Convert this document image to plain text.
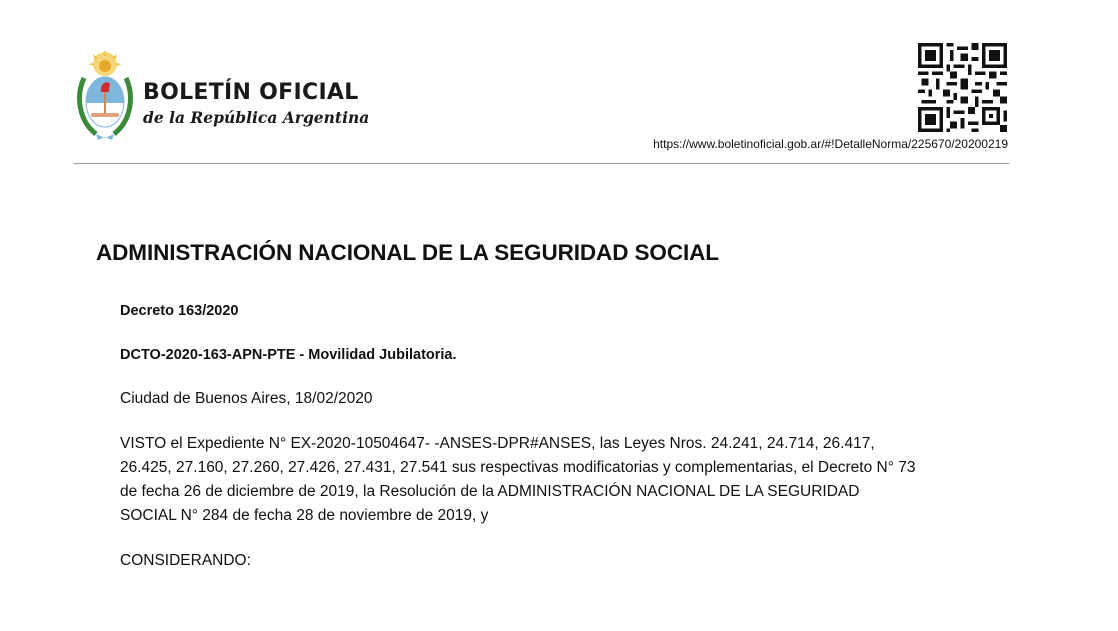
BOLETÍN OFICIAL
de la República Argentina
https://www.boletinoficial.gob.ar/#!DetalleNorma/225670/20200219
ADMINISTRACIÓN NACIONAL DE LA SEGURIDAD SOCIAL

Decreto 163/2020

DCTO-2020-163-APN-PTE - Movilidad Jubilatoria.

Ciudad de Buenos Aires, 18/02/2020

VISTO el Expediente N° EX-2020-10504647- -ANSES-DPR#ANSES, las Leyes Nros. 24.241, 24.714, 26.417,
26.425, 27.160, 27.260, 27.426, 27.431, 27.541 sus respectivas modificatorias y complementarias, el Decreto N° 73
de fecha 26 de diciembre de 2019, la Resolución de la ADMINISTRACIÓN NACIONAL DE LA SEGURIDAD
SOCIAL N° 284 de fecha 28 de noviembre de 2019, y

CONSIDERANDO:
